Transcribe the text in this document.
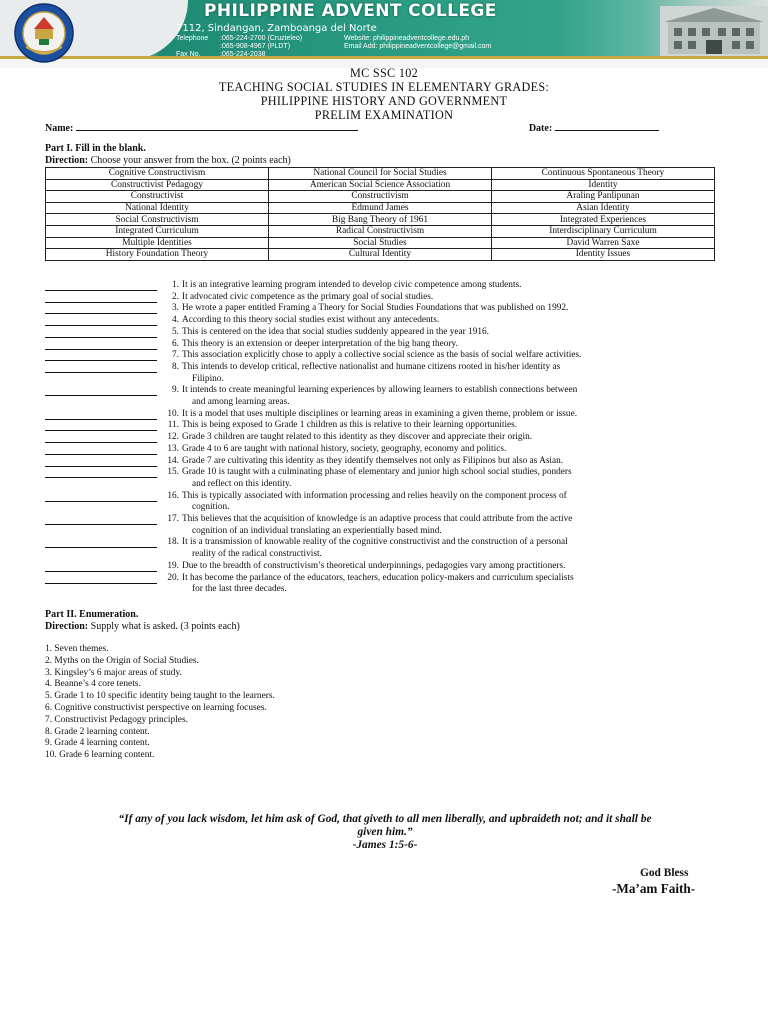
PHILIPPINE ADVENT COLLEGE
7112, Sindangan, Zamboanga del Norte
Telephone :065-224-2700 (Cruzteleo)	Website: philippineadventcollege.edu.ph
:065-908-4967 (PLDT)	Email Add: philippineadventcollege@gmail.com
Fax No.	:065-224-2038
MC SSC 102
TEACHING SOCIAL STUDIES IN ELEMENTARY GRADES:
PHILIPPINE HISTORY AND GOVERNMENT
PRELIM EXAMINATION
Name:	Date:
Part I. Fill in the blank.
Direction: Choose your answer from the box. (2 points each)
Cognitive Constructivism	National Council for Social Studies	Continuous Spontaneous Theory
Constructivist Pedagogy	American Social Science Association	Identity
Constructivist	Constructivism	Araling Panlipunan
National Identity	Edmund James	Asian Identity
Social Constructivism	Big Bang Theory of 1961	Integrated Experiences
Integrated Curriculum	Radical Constructivism	Interdisciplinary Curriculum
Multiple Identities	Social Studies	David Warren Saxe
History Foundation Theory	Cultural Identity	Identity Issues
1. It is an integrative learning program intended to develop civic competence among students.
2. It advocated civic competence as the primary goal of social studies.
3. He wrote a paper entitled Framing a Theory for Social Studies Foundations that was published on 1992.
4. According to this theory social studies exist without any antecedents.
5. This is centered on the idea that social studies suddenly appeared in the year 1916.
6. This theory is an extension or deeper interpretation of the big bang theory.
7. This association explicitly chose to apply a collective social science as the basis of social welfare activities.
8. This intends to develop critical, reflective nationalist and humane citizens rooted in his/her identity as
Filipino.
9. It intends to create meaningful learning experiences by allowing learners to establish connections between
and among learning areas.
10. It is a model that uses multiple disciplines or learning areas in examining a given theme, problem or issue.
11. This is being exposed to Grade 1 children as this is relative to their learning opportunities.
12. Grade 3 children are taught related to this identity as they discover and appreciate their origin.
13. Grade 4 to 6 are taught with national history, society, geography, economy and politics.
14. Grade 7 are cultivating this identity as they identify themselves not only as Filipinos but also as Asian.
15. Grade 10 is taught with a culminating phase of elementary and junior high school social studies, ponders
and reflect on this identity.
16. This is typically associated with information processing and relies heavily on the component process of
cognition.
17. This believes that the acquisition of knowledge is an adaptive process that could attribute from the active
cognition of an individual translating an experientially based mind.
18. It is a transmission of knowable reality of the cognitive constructivist and the construction of a personal
reality of the radical constructivist.
19. Due to the breadth of constructivism’s theoretical underpinnings, pedagogies vary among practitioners.
20. It has become the parlance of the educators, teachers, education policy-makers and curriculum specialists
for the last three decades.
Part II. Enumeration.
Direction: Supply what is asked. (3 points each)
1. Seven themes.
2. Myths on the Origin of Social Studies.
3. Kingsley’s 6 major areas of study.
4. Beanne’s 4 core tenets.
5. Grade 1 to 10 specific identity being taught to the learners.
6. Cognitive constructivist perspective on learning focuses.
7. Constructivist Pedagogy principles.
8. Grade 2 learning content.
9. Grade 4 learning content.
10. Grade 6 learning content.
“If any of you lack wisdom, let him ask of God, that giveth to all men liberally, and upbraideth not; and it shall be
given him.”
-James 1:5-6-
God Bless
-Ma’am Faith-
